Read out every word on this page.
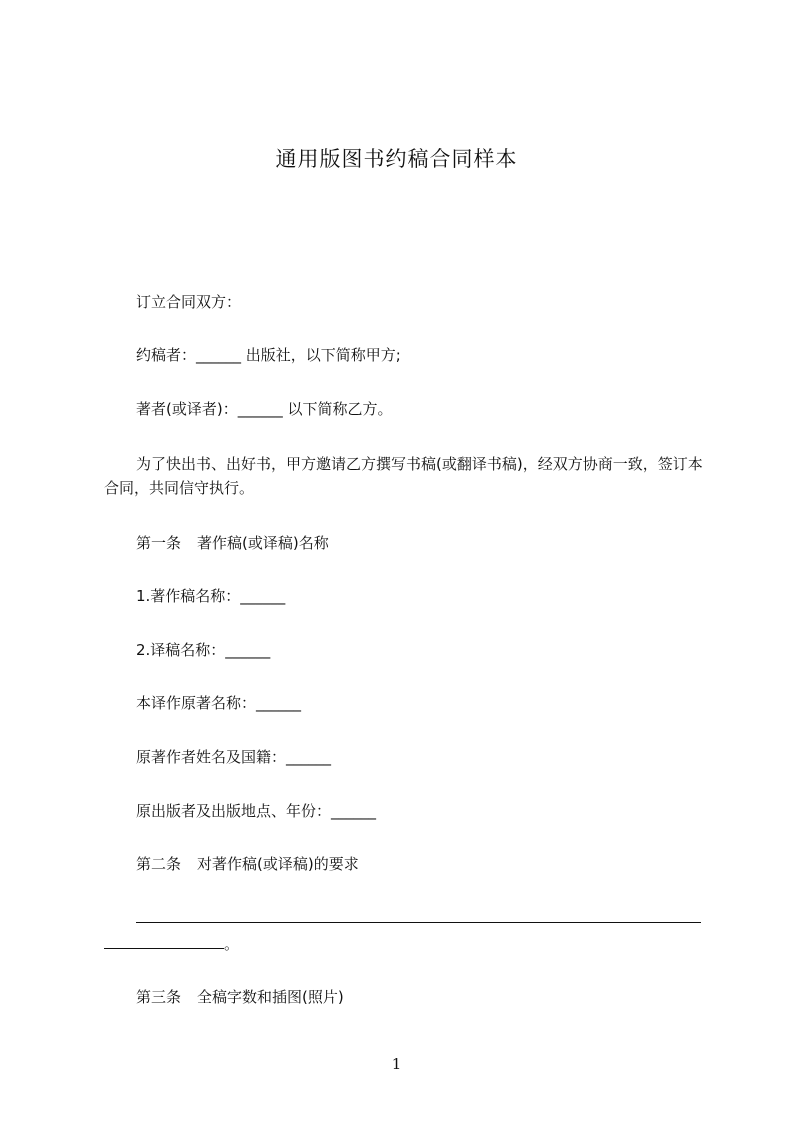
通用版图书约稿合同样本

订立合同双方：

约稿者：______ 出版社，以下简称甲方;

著者(或译者)：______ 以下简称乙方。

为了快出书、出好书，甲方邀请乙方撰写书稿(或翻译书稿)，经双方协商一致，签订本合同，共同信守执行。

第一条 著作稿(或译稿)名称

1.著作稿名称：______

2.译稿名称：______

本译作原著名称：______

原著作者姓名及国籍：______

原出版者及出版地点、年份：______

第二条 对著作稿(或译稿)的要求

。

第三条 全稿字数和插图(照片)

1
